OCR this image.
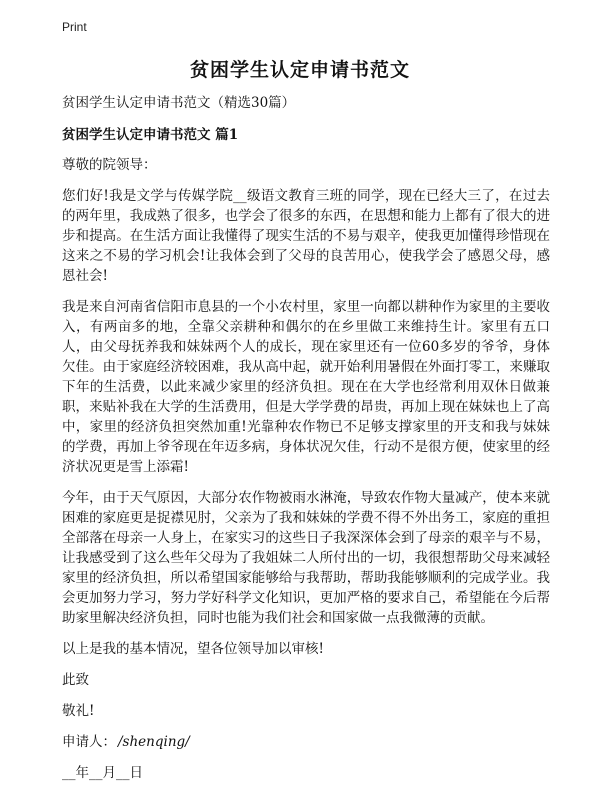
Print
贫困学生认定申请书范文

贫困学生认定申请书范文（精选30篇）

贫困学生认定申请书范文 篇1

尊敬的院领导：

您们好!我是文学与传媒学院__级语文教育三班的同学，现在已经大三了，在过去的两年里，我成熟了很多，也学会了很多的东西，在思想和能力上都有了很大的进步和提高。在生活方面让我懂得了现实生活的不易与艰辛，使我更加懂得珍惜现在这来之不易的学习机会!让我体会到了父母的良苦用心，使我学会了感恩父母，感恩社会!

我是来自河南省信阳市息县的一个小农村里，家里一向都以耕种作为家里的主要收入，有两亩多的地，全靠父亲耕种和偶尔的在乡里做工来维持生计。家里有五口人，由父母抚养我和妹妹两个人的成长，现在家里还有一位60多岁的爷爷，身体欠佳。由于家庭经济较困难，我从高中起，就开始利用暑假在外面打零工，来赚取下年的生活费，以此来减少家里的经济负担。现在在大学也经常利用双休日做兼职，来贴补我在大学的生活费用，但是大学学费的昂贵，再加上现在妹妹也上了高中，家里的经济负担突然加重!光靠种农作物已不足够支撑家里的开支和我与妹妹的学费，再加上爷爷现在年迈多病，身体状况欠佳，行动不是很方便，使家里的经济状况更是雪上添霜!

今年，由于天气原因，大部分农作物被雨水淋淹，导致农作物大量减产，使本来就困难的家庭更是捉襟见肘，父亲为了我和妹妹的学费不得不外出务工，家庭的重担全部落在母亲一人身上，在家实习的这些日子我深深体会到了母亲的艰辛与不易，让我感受到了这么些年父母为了我姐妹二人所付出的一切，我很想帮助父母来减轻家里的经济负担，所以希望国家能够给与我帮助，帮助我能够顺利的完成学业。我会更加努力学习，努力学好科学文化知识，更加严格的要求自己，希望能在今后帮助家里解决经济负担，同时也能为我们社会和国家做一点我微薄的贡献。

以上是我的基本情况，望各位领导加以审核!

此致

敬礼!

申请人： /shenqing/

__年__月__日
